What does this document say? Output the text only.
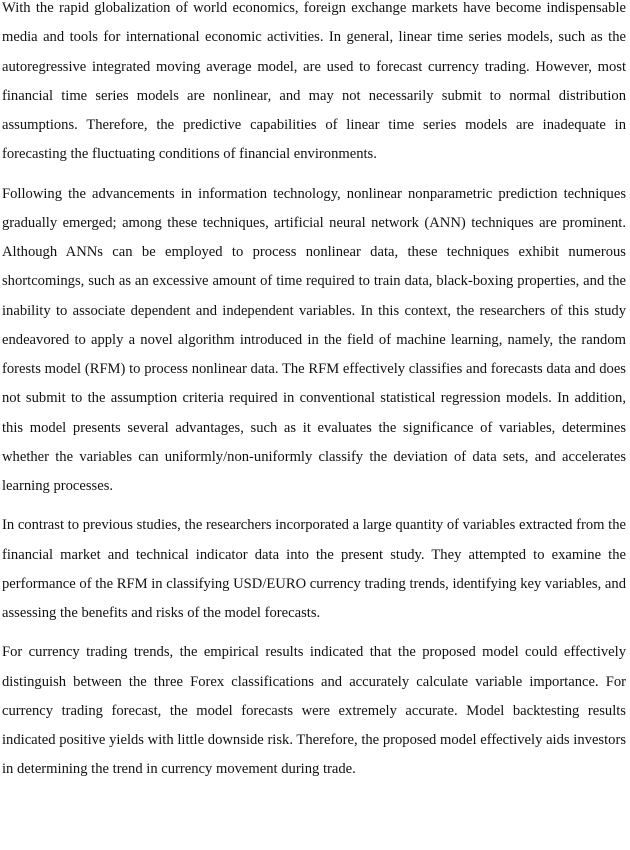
With the rapid globalization of world economics, foreign exchange markets have become indispensable media and tools for international economic activities. In general, linear time series models, such as the autoregressive integrated moving average model, are used to forecast currency trading. However, most financial time series models are nonlinear, and may not necessarily submit to normal distribution assumptions. Therefore, the predictive capabilities of linear time series models are inadequate in forecasting the fluctuating conditions of financial environments.

Following the advancements in information technology, nonlinear nonparametric prediction techniques gradually emerged; among these techniques, artificial neural network (ANN) techniques are prominent. Although ANNs can be employed to process nonlinear data, these techniques exhibit numerous shortcomings, such as an excessive amount of time required to train data, black-boxing properties, and the inability to associate dependent and independent variables. In this context, the researchers of this study endeavored to apply a novel algorithm introduced in the field of machine learning, namely, the random forests model (RFM) to process nonlinear data. The RFM effectively classifies and forecasts data and does not submit to the assumption criteria required in conventional statistical regression models. In addition, this model presents several advantages, such as it evaluates the significance of variables, determines whether the variables can uniformly/non-uniformly classify the deviation of data sets, and accelerates learning processes.

In contrast to previous studies, the researchers incorporated a large quantity of variables extracted from the financial market and technical indicator data into the present study. They attempted to examine the performance of the RFM in classifying USD/EURO currency trading trends, identifying key variables, and assessing the benefits and risks of the model forecasts.

For currency trading trends, the empirical results indicated that the proposed model could effectively distinguish between the three Forex classifications and accurately calculate variable importance. For currency trading forecast, the model forecasts were extremely accurate. Model backtesting results indicated positive yields with little downside risk. Therefore, the proposed model effectively aids investors in determining the trend in currency movement during trade.
